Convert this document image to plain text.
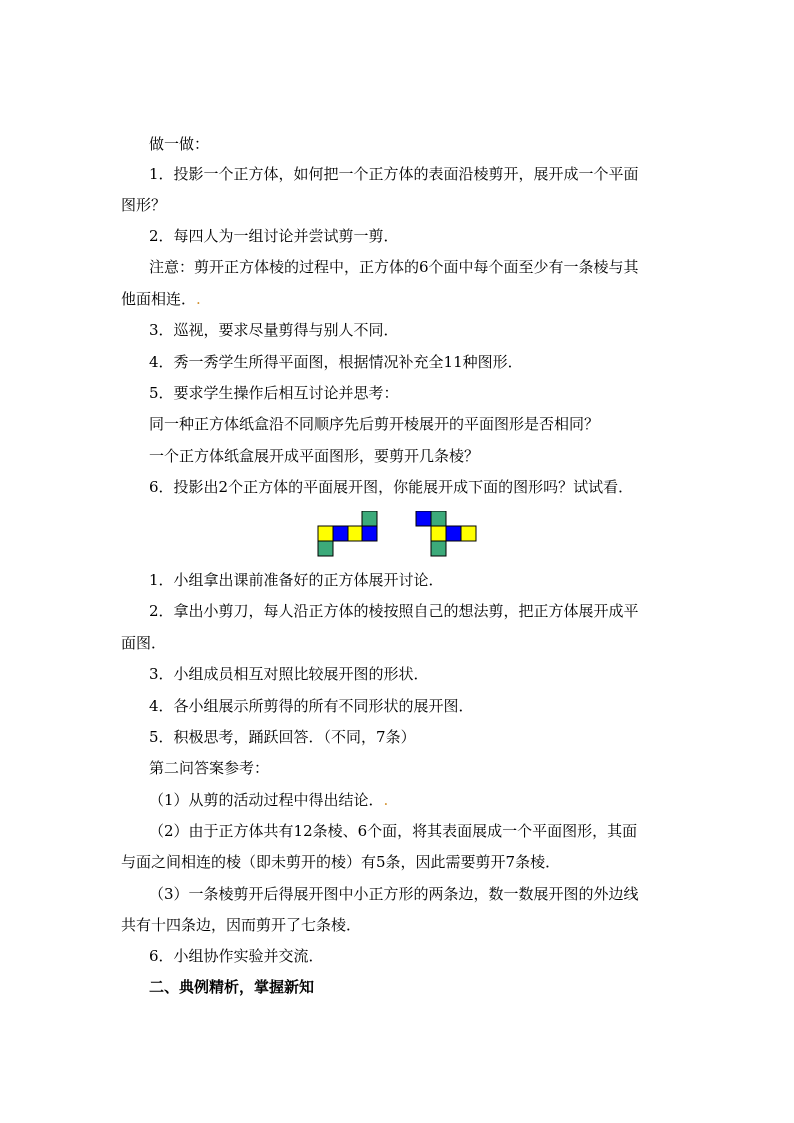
做一做：
1．投影一个正方体，如何把一个正方体的表面沿棱剪开，展开成一个平面
图形？
2．每四人为一组讨论并尝试剪一剪．
注意：剪开正方体棱的过程中，正方体的6个面中每个面至少有一条棱与其
他面相连．.
3．巡视，要求尽量剪得与别人不同．
4．秀一秀学生所得平面图，根据情况补充全11种图形．
5．要求学生操作后相互讨论并思考：
同一种正方体纸盒沿不同顺序先后剪开棱展开的平面图形是否相同？
一个正方体纸盒展开成平面图形，要剪开几条棱？
6．投影出2个正方体的平面展开图，你能展开成下面的图形吗？试试看．
1．小组拿出课前准备好的正方体展开讨论．
2．拿出小剪刀，每人沿正方体的棱按照自己的想法剪，把正方体展开成平
面图．
3．小组成员相互对照比较展开图的形状．
4．各小组展示所剪得的所有不同形状的展开图．
5．积极思考，踊跃回答．（不同，7条）
第二问答案参考：
（1）从剪的活动过程中得出结论．.
（2）由于正方体共有12条棱、6个面，将其表面展成一个平面图形，其面
与面之间相连的棱（即未剪开的棱）有5条，因此需要剪开7条棱．
（3）一条棱剪开后得展开图中小正方形的两条边，数一数展开图的外边线
共有十四条边，因而剪开了七条棱．
6．小组协作实验并交流．
二、典例精析，掌握新知
